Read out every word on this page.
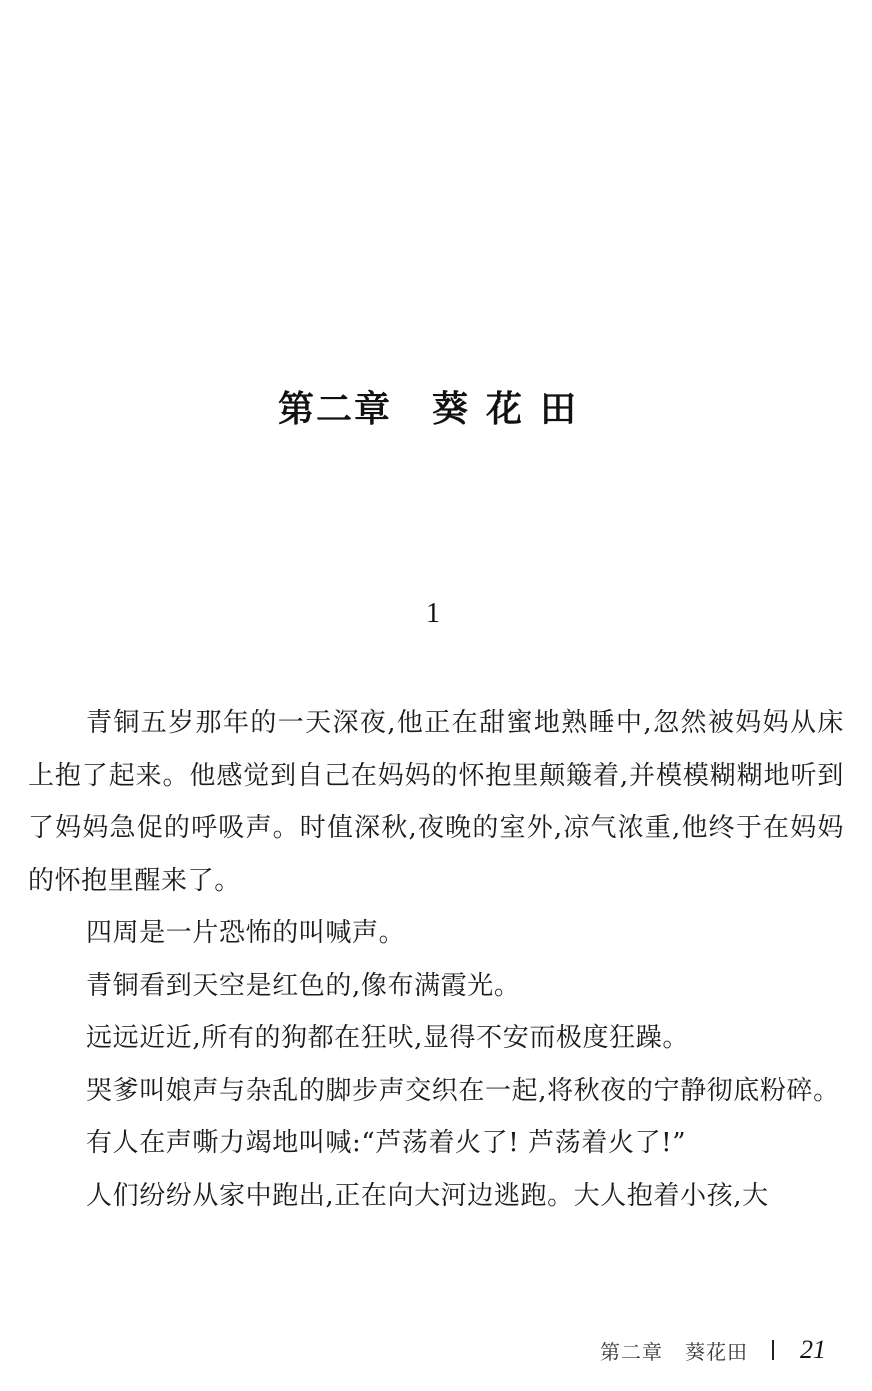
第二章 葵花田
1

青铜五岁那年的一天深夜,他正在甜蜜地熟睡中,忽然被妈妈从床上抱了起来。他感觉到自己在妈妈的怀抱里颠簸着,并模模糊糊地听到了妈妈急促的呼吸声。时值深秋,夜晚的室外,凉气浓重,他终于在妈妈的怀抱里醒来了。

四周是一片恐怖的叫喊声。

青铜看到天空是红色的,像布满霞光。

远远近近,所有的狗都在狂吠,显得不安而极度狂躁。

哭爹叫娘声与杂乱的脚步声交织在一起,将秋夜的宁静彻底粉碎。

有人在声嘶力竭地叫喊:“芦荡着火了! 芦荡着火了!”

人们纷纷从家中跑出,正在向大河边逃跑。大人抱着小孩,大

第二章 葵花田 21
